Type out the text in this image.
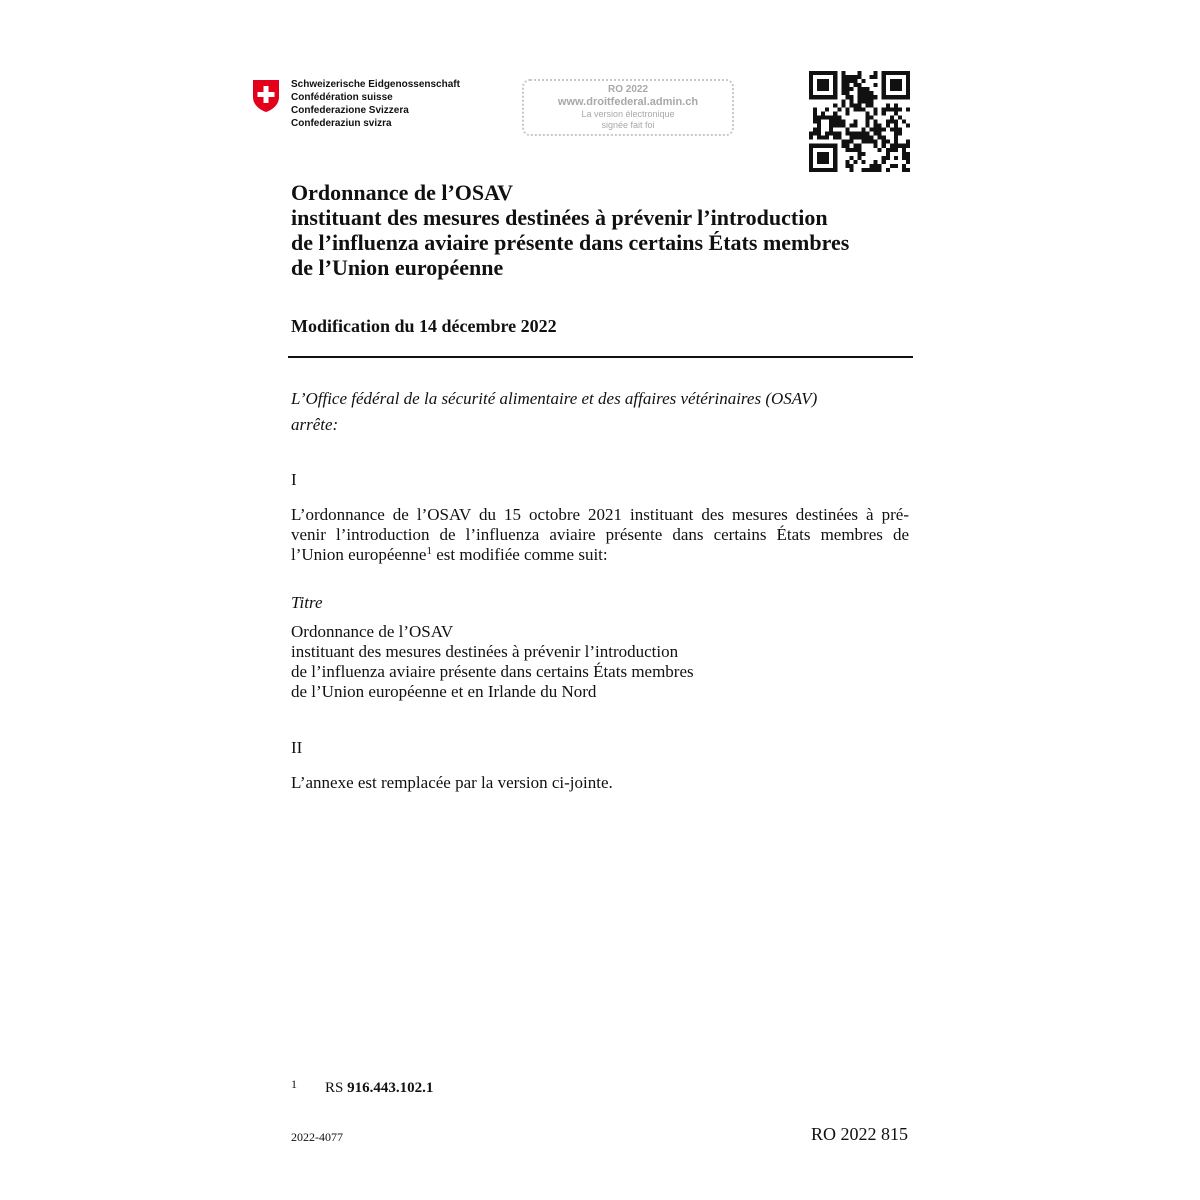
Schweizerische Eidgenossenschaft
Confédération suisse
Confederazione Svizzera
Confederaziun svizra
RO 2022
www.droitfederal.admin.ch
La version électronique
signée fait foi
Ordonnance de l’OSAV
instituant des mesures destinées à prévenir l’introduction
de l’influenza aviaire présente dans certains États membres
de l’Union européenne
Modification du 14 décembre 2022
L’Office fédéral de la sécurité alimentaire et des affaires vétérinaires (OSAV)
arrête:
I
L’ordonnance de l’OSAV du 15 octobre 2021 instituant des mesures destinées à pré-
venir l’introduction de l’influenza aviaire présente dans certains États membres de
l’Union européenne$^1$ est modifiée comme suit:
Titre
Ordonnance de l’OSAV
instituant des mesures destinées à prévenir l’introduction
de l’influenza aviaire présente dans certains États membres
de l’Union européenne et en Irlande du Nord
II
L’annexe est remplacée par la version ci-jointe.
1 RS 916.443.102.1
2022-4077	RO 2022 815
